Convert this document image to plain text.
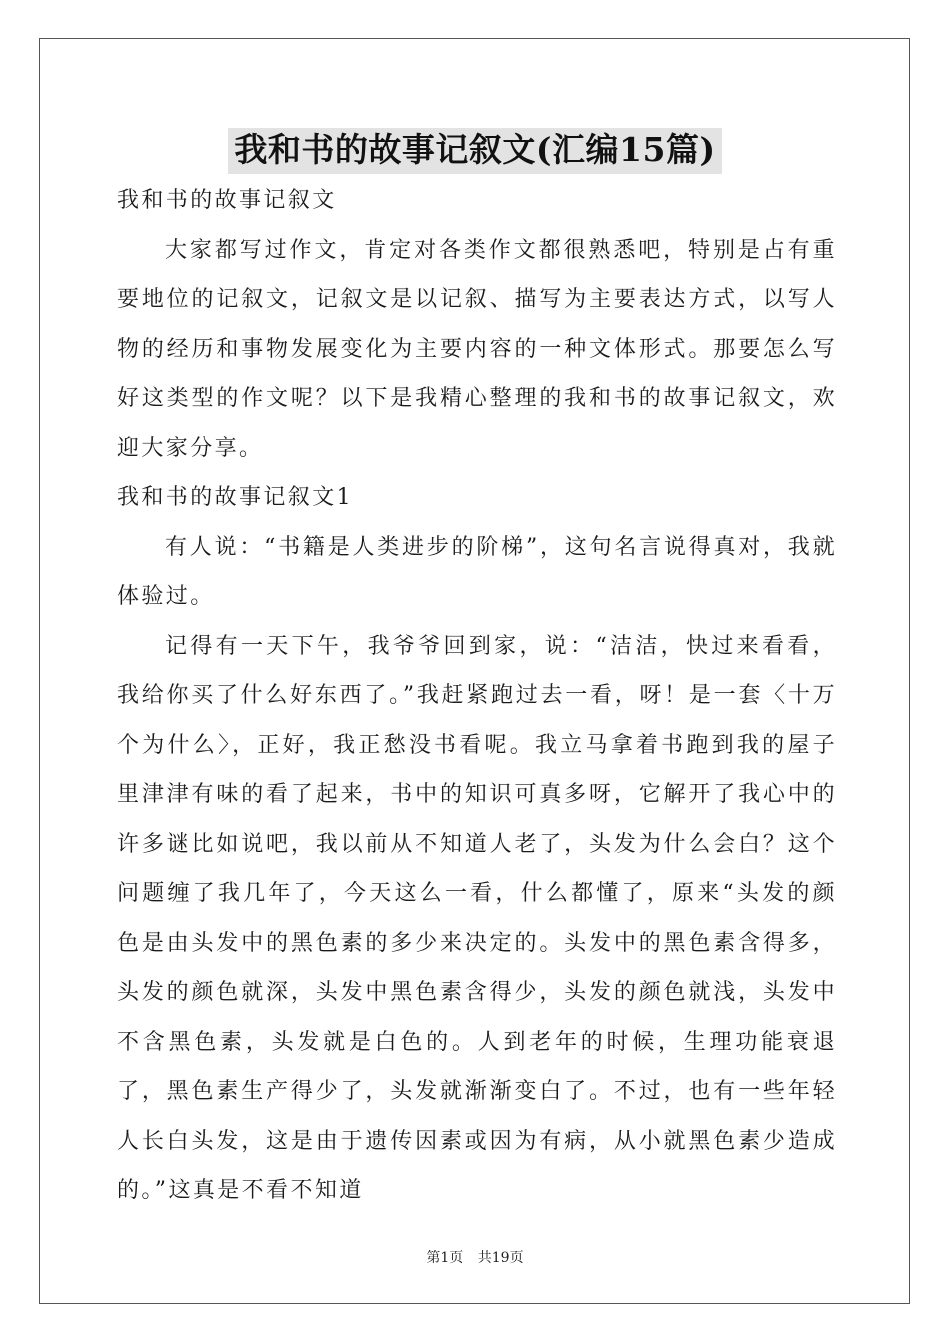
我和书的故事记叙文(汇编15篇)

我和书的故事记叙文

大家都写过作文，肯定对各类作文都很熟悉吧，特别是占有重要地位的记叙文，记叙文是以记叙、描写为主要表达方式，以写人物的经历和事物发展变化为主要内容的一种文体形式。那要怎么写好这类型的作文呢？以下是我精心整理的我和书的故事记叙文，欢迎大家分享。

我和书的故事记叙文1

有人说：“书籍是人类进步的阶梯”，这句名言说得真对，我就体验过。

记得有一天下午，我爷爷回到家，说：“洁洁，快过来看看，我给你买了什么好东西了。”我赶紧跑过去一看，呀！是一套〈十万个为什么〉，正好，我正愁没书看呢。我立马拿着书跑到我的屋子里津津有味的看了起来，书中的知识可真多呀，它解开了我心中的许多谜比如说吧，我以前从不知道人老了，头发为什么会白？这个问题缠了我几年了，今天这么一看，什么都懂了，原来“头发的颜色是由头发中的黑色素的多少来决定的。头发中的黑色素含得多，头发的颜色就深，头发中黑色素含得少，头发的颜色就浅，头发中不含黑色素，头发就是白色的。人到老年的时候，生理功能衰退了，黑色素生产得少了，头发就渐渐变白了。不过，也有一些年轻人长白头发，这是由于遗传因素或因为有病，从小就黑色素少造成的。”这真是不看不知道

第1页 共19页
